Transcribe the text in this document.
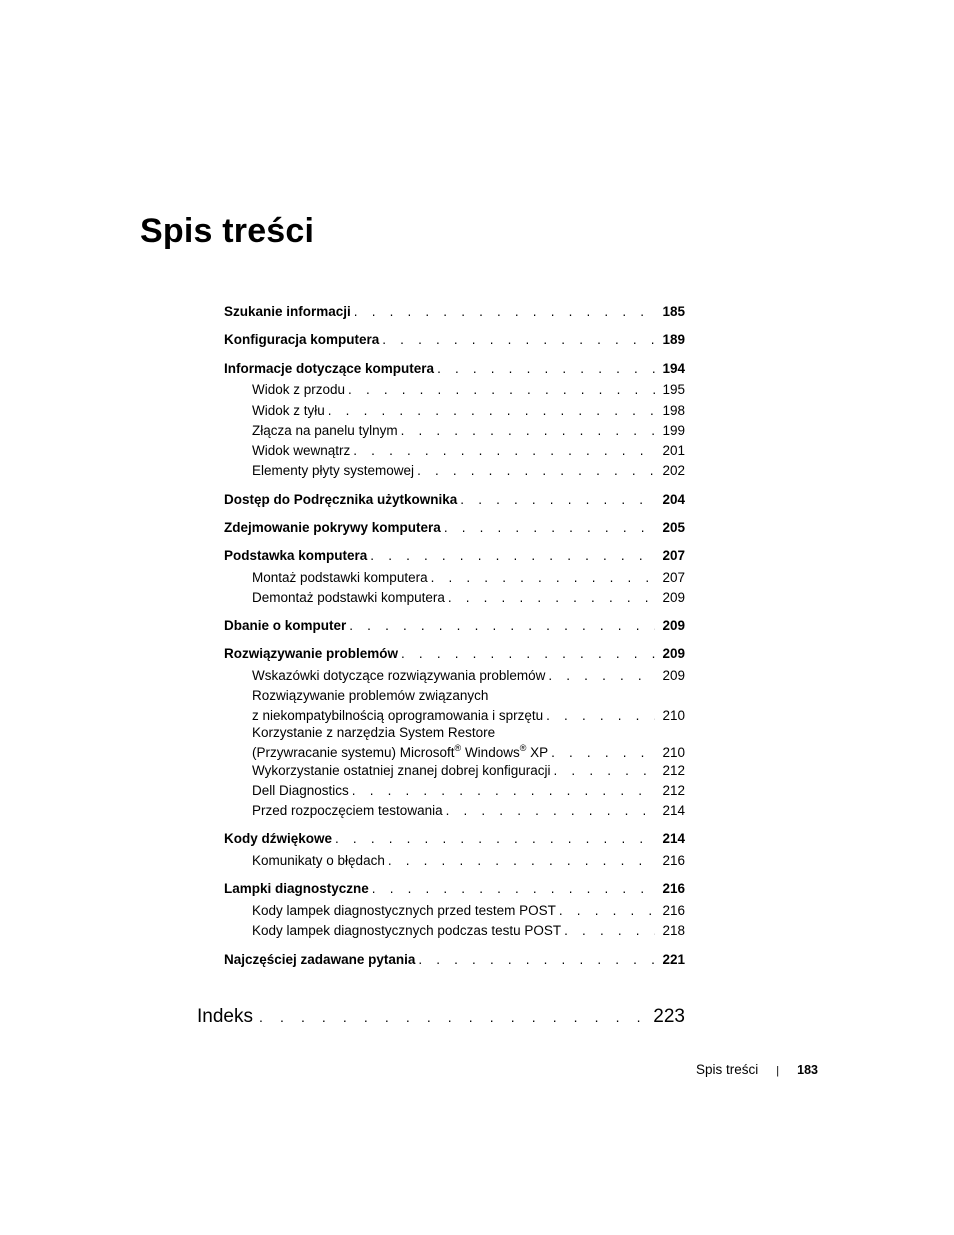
Spis treści
Szukanie informacji . . .	185
Konfiguracja komputera . . .	189
Informacje dotyczące komputera . . .	194
Widok z przodu . . .	195
Widok z tyłu . . .	198
Złącza na panelu tylnym . . .	199
Widok wewnątrz . . .	201
Elementy płyty systemowej . . .	202
Dostęp do Podręcznika użytkownika . . .	204
Zdejmowanie pokrywy komputera . . .	205
Podstawka komputera . . .	207
Montaż podstawki komputera . . .	207
Demontaż podstawki komputera . . .	209
Dbanie o komputer . . .	209
Rozwiązywanie problemów . . .	209
Wskazówki dotyczące rozwiązywania problemów . . .	209
Rozwiązywanie problemów związanych
z niekompatybilnością oprogramowania i sprzętu . . .	210
Korzystanie z narzędzia System Restore
(Przywracanie systemu) Microsoft® Windows® XP . . .	210
Wykorzystanie ostatniej znanej dobrej konfiguracji . . .	212
Dell Diagnostics . . .	212
Przed rozpoczęciem testowania . . .	214
Kody dźwiękowe . . .	214
Komunikaty o błędach . . .	216
Lampki diagnostyczne . . .	216
Kody lampek diagnostycznych przed testem POST . . .	216
Kody lampek diagnostycznych podczas testu POST . . .	218
Najczęściej zadawane pytania . . .	221
Indeks . . .	223
Spis treści | 183
